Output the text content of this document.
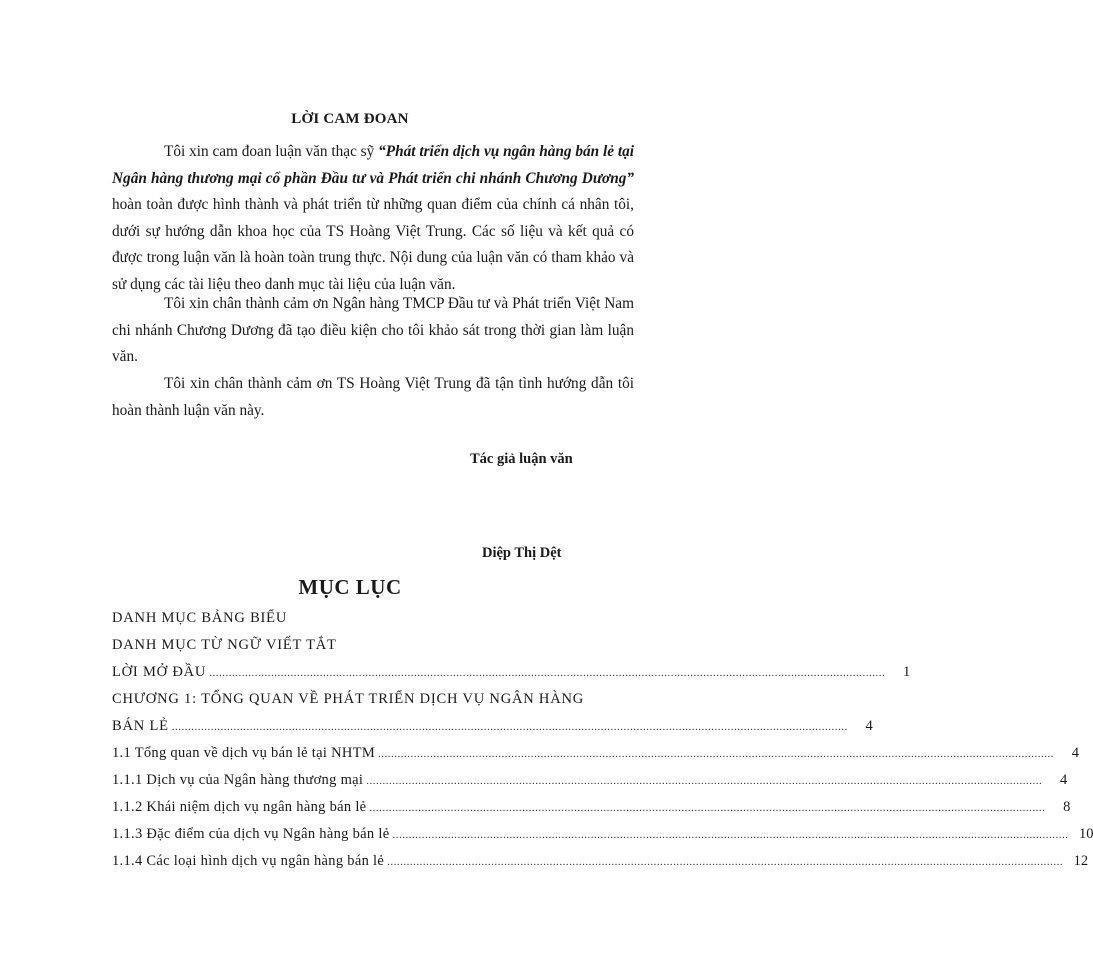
LỜI CAM ĐOAN

Tôi xin cam đoan luận văn thạc sỹ “Phát triển dịch vụ ngân hàng bán lẻ tại Ngân hàng thương mại cổ phần Đầu tư và Phát triển chi nhánh Chương Dương” hoàn toàn được hình thành và phát triển từ những quan điểm của chính cá nhân tôi, dưới sự hướng dẫn khoa học của TS Hoàng Việt Trung. Các số liệu và kết quả có được trong luận văn là hoàn toàn trung thực. Nội dung của luận văn có tham khảo và sử dụng các tài liệu theo danh mục tài liệu của luận văn.

Tôi xin chân thành cảm ơn Ngân hàng TMCP Đầu tư và Phát triển Việt Nam chi nhánh Chương Dương đã tạo điều kiện cho tôi khảo sát trong thời gian làm luận văn.

Tôi xin chân thành cảm ơn TS Hoàng Việt Trung đã tận tình hướng dẫn tôi hoàn thành luận văn này.

Tác giả luận văn

Diệp Thị Dệt

MỤC LỤC
DANH MỤC BẢNG BIỂU
DANH MỤC TỪ NGỮ VIẾT TẮT
LỜI MỞ ĐẦU ................................................................................................................................................................................................................	1
CHƯƠNG 1: TỔNG QUAN VỀ PHÁT TRIỂN DỊCH VỤ NGÂN HÀNG
BÁN LẺ ................................................................................................................................................................................................................	4
1.1 Tổng quan về dịch vụ bán lẻ tại NHTM ................................................................................................................................................................................................................	4
1.1.1 Dịch vụ của Ngân hàng thương mại ................................................................................................................................................................................................................	4
1.1.2 Khái niệm dịch vụ ngân hàng bán lẻ ................................................................................................................................................................................................................	8
1.1.3 Đặc điểm của dịch vụ Ngân hàng bán lẻ ................................................................................................................................................................................................................ 10
1.1.4 Các loại hình dịch vụ ngân hàng bán lẻ ................................................................................................................................................................................................................ 12
